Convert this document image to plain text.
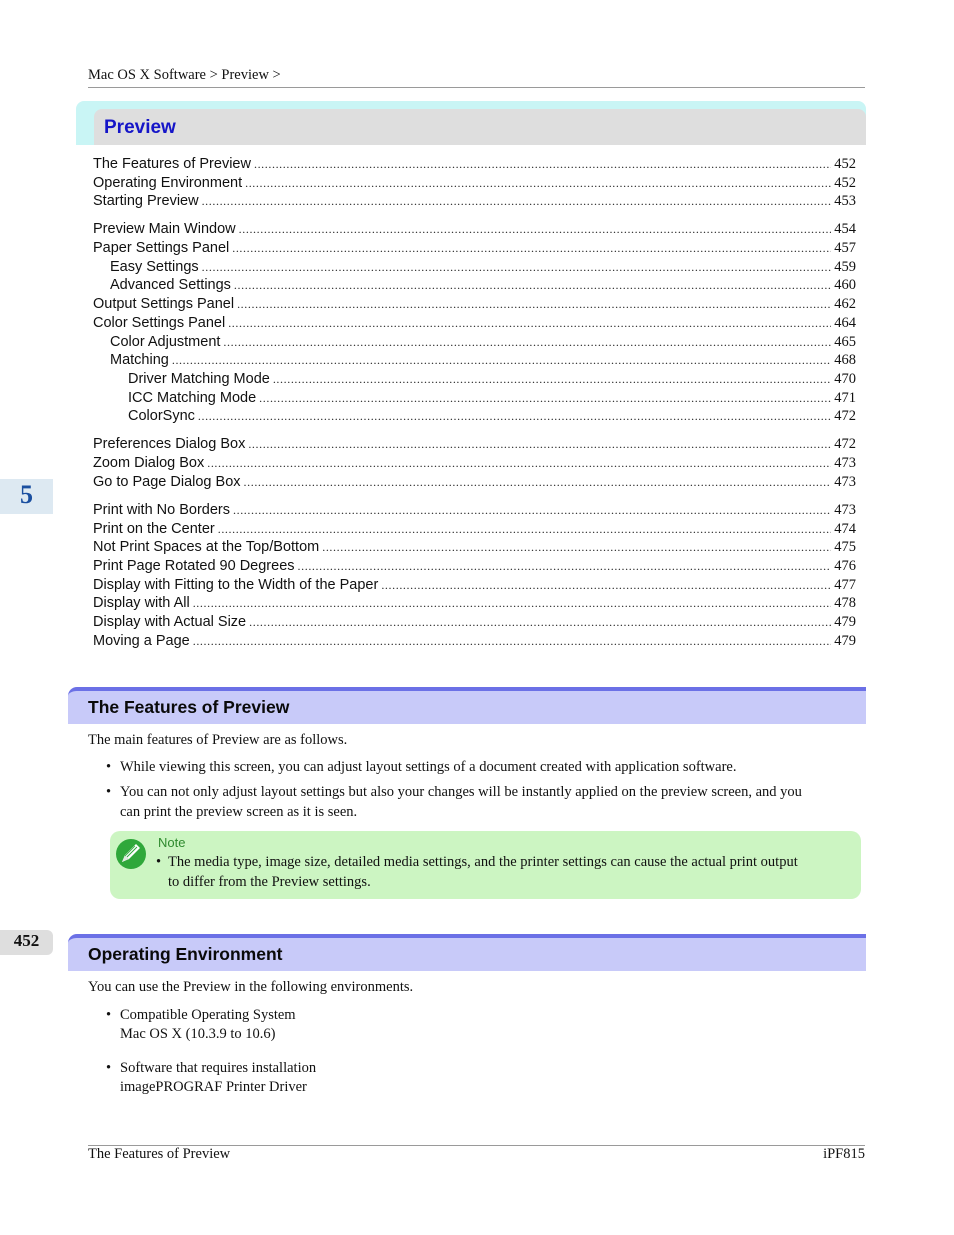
Mac OS X Software > Preview >
Preview
The Features of Preview . . .	452
Operating Environment . . .	452
Starting Preview . . .	453
Preview Main Window . . .	454
Paper Settings Panel . . .	457
Easy Settings . . .	459
Advanced Settings . . .	460
Output Settings Panel . . .	462
Color Settings Panel . . .	464
Color Adjustment . . .	465
Matching . . .	468
Driver Matching Mode . . .	470
ICC Matching Mode . . .	471
ColorSync . . .	472
Preferences Dialog Box . . .	472
Zoom Dialog Box . . .	473
Go to Page Dialog Box . . .	473
Print with No Borders . . .	473
Print on the Center . . .	474
Not Print Spaces at the Top/Bottom . . .	475
Print Page Rotated 90 Degrees . . .	476
Display with Fitting to the Width of the Paper . . .	477
Display with All . . .	478
Display with Actual Size . . .	479
Moving a Page . . .	479
5
The Features of Preview
The main features of Preview are as follows.
• While viewing this screen, you can adjust layout settings of a document created with application software.
• You can not only adjust layout settings but also your changes will be instantly applied on the preview screen, and you
can print the preview screen as it is seen.
Note
• The media type, image size, detailed media settings, and the printer settings can cause the actual print output
to differ from the Preview settings.
452
Operating Environment
You can use the Preview in the following environments.
• Compatible Operating System
Mac OS X (10.3.9 to 10.6)
• Software that requires installation
imagePROGRAF Printer Driver
The Features of Preview	iPF815
